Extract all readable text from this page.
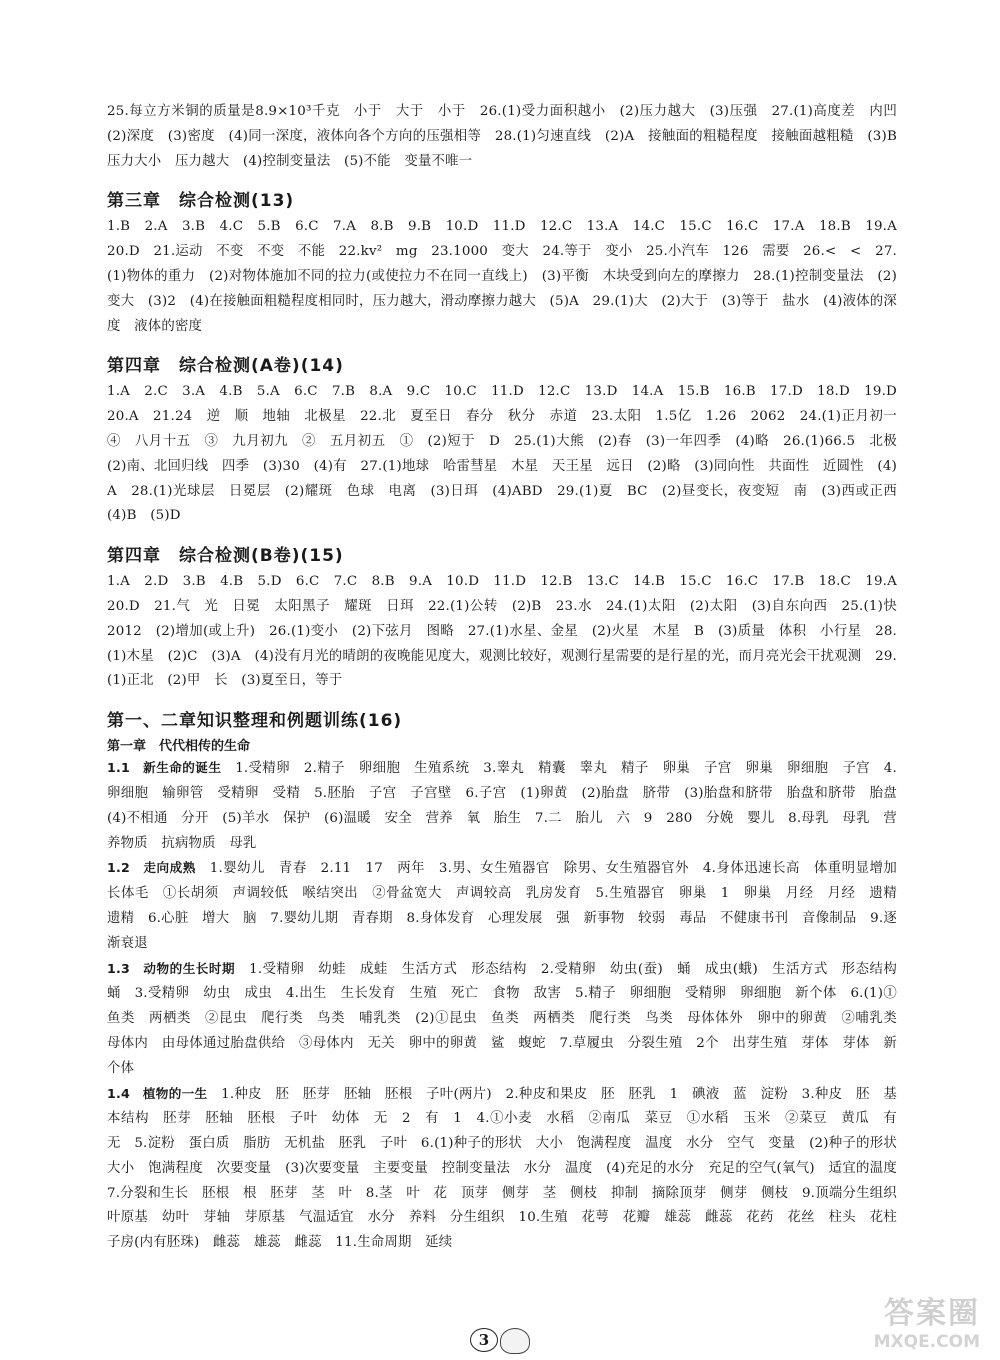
25.每立方米铜的质量是8.9×10³千克　小于　大于　小于　26.(1)受力面积越小　(2)压力越大　(3)压强　27.(1)高度差　内凹　(2)深度　(3)密度　(4)同一深度，液体向各个方向的压强相等　28.(1)匀速直线　(2)A　接触面的粗糙程度　接触面越粗糙　(3)B　压力大小　压力越大　(4)控制变量法　(5)不能　变量不唯一

第三章　综合检测(13)

1.B　2.A　3.B　4.C　5.B　6.C　7.A　8.B　9.B　10.D　11.D　12.C　13.A　14.C　15.C　16.C　17.A　18.B　19.A　20.D　21.运动　不变　不变　不能　22.kv²　mg　23.1000　变大　24.等于　变小　25.小汽车　126　需要　26.<　<　27.(1)物体的重力　(2)对物体施加不同的拉力(或使拉力不在同一直线上)　(3)平衡　木块受到向左的摩擦力　28.(1)控制变量法　(2)变大　(3)2　(4)在接触面粗糙程度相同时，压力越大，滑动摩擦力越大　(5)A　29.(1)大　(2)大于　(3)等于　盐水　(4)液体的深度　液体的密度

第四章　综合检测(A卷)(14)

1.A　2.C　3.A　4.B　5.A　6.C　7.B　8.A　9.C　10.C　11.D　12.C　13.D　14.A　15.B　16.B　17.D　18.D　19.D　20.A　21.24　逆　顺　地轴　北极星　22.北　夏至日　春分　秋分　赤道　23.太阳　1.5亿　1.26　2062　24.(1)正月初一　④　八月十五　③　九月初九　②　五月初五　①　(2)短于　D　25.(1)大熊　(2)春　(3)一年四季　(4)略　26.(1)66.5　北极　(2)南、北回归线　四季　(3)30　(4)有　27.(1)地球　哈雷彗星　木星　天王星　远日　(2)略　(3)同向性　共面性　近圆性　(4)A　28.(1)光球层　日冕层　(2)耀斑　色球　电离　(3)日珥　(4)ABD　29.(1)夏　BC　(2)昼变长，夜变短　南　(3)西或正西　(4)B　(5)D

第四章　综合检测(B卷)(15)

1.A　2.D　3.B　4.B　5.D　6.C　7.C　8.B　9.A　10.D　11.D　12.B　13.C　14.B　15.C　16.C　17.B　18.C　19.A　20.D　21.气　光　日冕　太阳黑子　耀斑　日珥　22.(1)公转　(2)B　23.水　24.(1)太阳　(2)太阳　(3)自东向西　25.(1)快　2012　(2)增加(或上升)　26.(1)变小　(2)下弦月　图略　27.(1)水星、金星　(2)火星　木星　B　(3)质量　体积　小行星　28.(1)木星　(2)C　(3)A　(4)没有月光的晴朗的夜晚能见度大，观测比较好，观测行星需要的是行星的光，而月亮光会干扰观测　29.(1)正北　(2)甲　长　(3)夏至日，等于

第一、二章知识整理和例题训练(16)
第一章　代代相传的生命

1.1　新生命的诞生　 1.受精卵　2.精子　卵细胞　生殖系统　3.睾丸　精囊　睾丸　精子　卵巢　子宫　卵巢　卵细胞　子宫　4.卵细胞　输卵管　受精卵　受精　5.胚胎　子宫　子宫壁　6.子宫　(1)卵黄　(2)胎盘　脐带　(3)胎盘和脐带　胎盘和脐带　胎盘　(4)不相通　分开　(5)羊水　保护　(6)温暖　安全　营养　氧　胎生　7.二　胎儿　六　9　280　分娩　婴儿　8.母乳　母乳　营养物质　抗病物质　母乳

1.2　走向成熟　 1.婴幼儿　青春　2.11　17　两年　3.男、女生殖器官　除男、女生殖器官外　4.身体迅速长高　体重明显增加　长体毛　①长胡须　声调较低　喉结突出　②骨盆宽大　声调较高　乳房发育　5.生殖器官　卵巢　1　卵巢　月经　月经　遗精　遗精　6.心脏　增大　脑　7.婴幼儿期　青春期　8.身体发育　心理发展　强　新事物　较弱　毒品　不健康书刊　音像制品　9.逐渐衰退

1.3　动物的生长时期　 1.受精卵　幼蛙　成蛙　生活方式　形态结构　2.受精卵　幼虫(蚕)　蛹　成虫(蛾)　生活方式　形态结构　蛹　3.受精卵　幼虫　成虫　4.出生　生长发育　生殖　死亡　食物　敌害　5.精子　卵细胞　受精卵　卵细胞　新个体　6.(1)①鱼类　两栖类　②昆虫　爬行类　鸟类　哺乳类　(2)①昆虫　鱼类　两栖类　爬行类　鸟类　母体体外　卵中的卵黄　②哺乳类　母体内　由母体通过胎盘供给　③母体内　无关　卵中的卵黄　鲨　蝮蛇　7.草履虫　分裂生殖　2个　出芽生殖　芽体　芽体　新个体

1.4　植物的一生　 1.种皮　胚　胚芽　胚轴　胚根　子叶(两片)　2.种皮和果皮　胚　胚乳　1　碘液　蓝　淀粉　3.种皮　胚　基本结构　胚芽　胚轴　胚根　子叶　幼体　无　2　有　1　4.①小麦　水稻　②南瓜　菜豆　①水稻　玉米　②菜豆　黄瓜　有　无　5.淀粉　蛋白质　脂肪　无机盐　胚乳　子叶　6.(1)种子的形状　大小　饱满程度　温度　水分　空气　变量　(2)种子的形状　大小　饱满程度　次要变量　(3)次要变量　主要变量　控制变量法　水分　温度　(4)充足的水分　充足的空气(氧气)　适宜的温度　7.分裂和生长　胚根　根　胚芽　茎　叶　8.茎　叶　花　顶芽　侧芽　茎　侧枝　抑制　摘除顶芽　侧芽　侧枝　9.顶端分生组织　叶原基　幼叶　芽轴　芽原基　气温适宜　水分　养料　分生组织　10.生殖　花萼　花瓣　雄蕊　雌蕊　花药　花丝　柱头　花柱　子房(内有胚珠)　雌蕊　雄蕊　雌蕊　11.生命周期　延续

3
答案圈
MXQE.COM
